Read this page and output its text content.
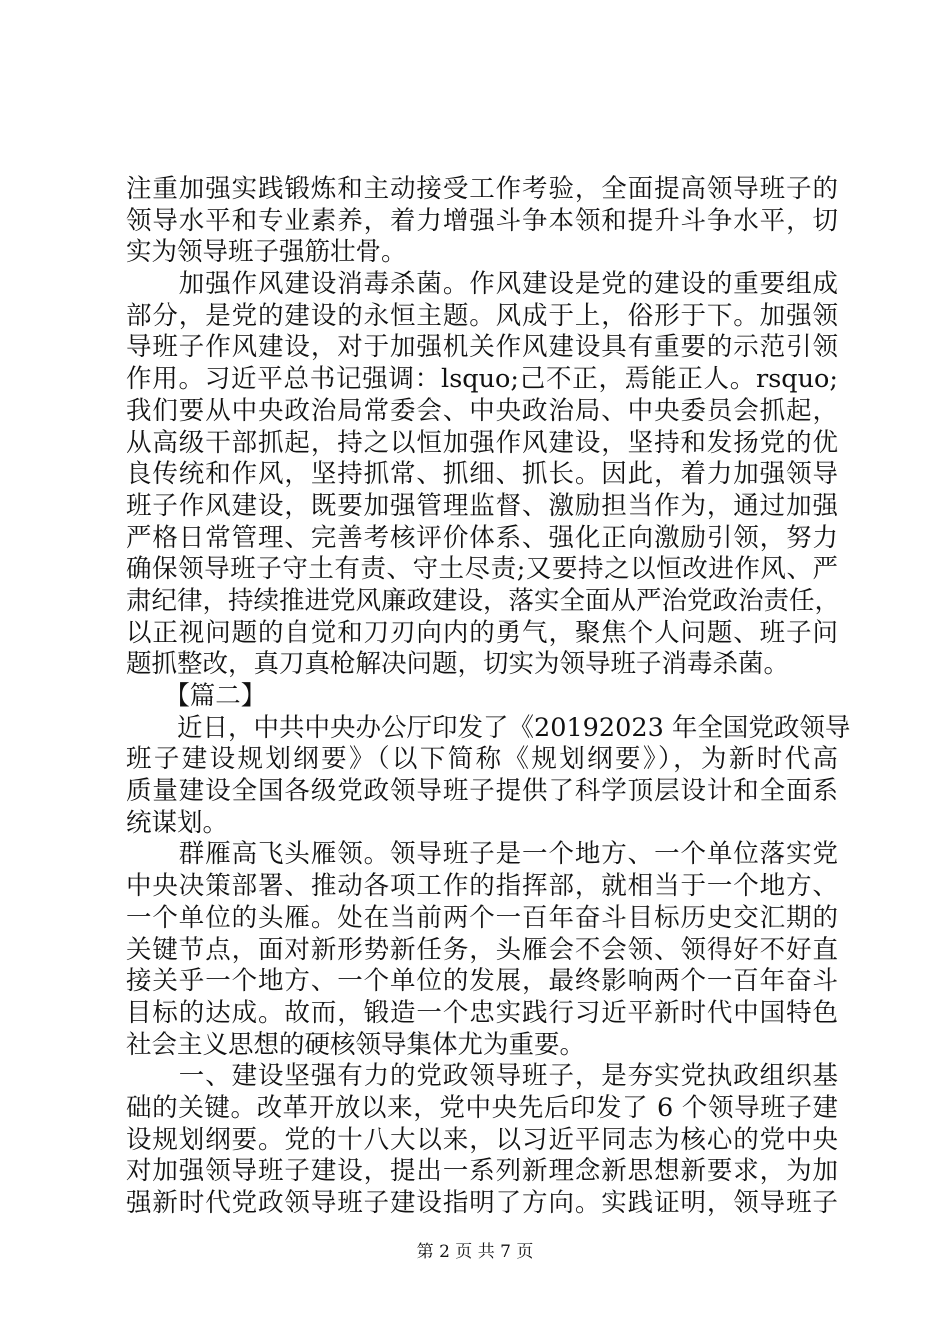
注重加强实践锻炼和主动接受工作考验，全面提高领导班子的
领导水平和专业素养，着力增强斗争本领和提升斗争水平，切
实为领导班子强筋壮骨。
　　加强作风建设消毒杀菌。作风建设是党的建设的重要组成
部分，是党的建设的永恒主题。风成于上，俗形于下。加强领
导班子作风建设，对于加强机关作风建设具有重要的示范引领
作用。习近平总书记强调：lsquo;己不正，焉能正人。rsquo;
我们要从中央政治局常委会、中央政治局、中央委员会抓起，
从高级干部抓起，持之以恒加强作风建设，坚持和发扬党的优
良传统和作风，坚持抓常、抓细、抓长。因此，着力加强领导
班子作风建设，既要加强管理监督、激励担当作为，通过加强
严格日常管理、完善考核评价体系、强化正向激励引领，努力
确保领导班子守土有责、守土尽责;又要持之以恒改进作风、严
肃纪律，持续推进党风廉政建设，落实全面从严治党政治责任，
以正视问题的自觉和刀刃向内的勇气，聚焦个人问题、班子问
题抓整改，真刀真枪解决问题，切实为领导班子消毒杀菌。
　　【篇二】
　　近日，中共中央办公厅印发了《20192023 年全国党政领导
班子建设规划纲要》（以下简称《规划纲要》），为新时代高
质量建设全国各级党政领导班子提供了科学顶层设计和全面系
统谋划。
　　群雁高飞头雁领。领导班子是一个地方、一个单位落实党
中央决策部署、推动各项工作的指挥部，就相当于一个地方、
一个单位的头雁。处在当前两个一百年奋斗目标历史交汇期的
关键节点，面对新形势新任务，头雁会不会领、领得好不好直
接关乎一个地方、一个单位的发展，最终影响两个一百年奋斗
目标的达成。故而，锻造一个忠实践行习近平新时代中国特色
社会主义思想的硬核领导集体尤为重要。
　　一、建设坚强有力的党政领导班子，是夯实党执政组织基
础的关键。改革开放以来，党中央先后印发了 6 个领导班子建
设规划纲要。党的十八大以来，以习近平同志为核心的党中央
对加强领导班子建设，提出一系列新理念新思想新要求，为加
强新时代党政领导班子建设指明了方向。实践证明，领导班子
第 2 页 共 7 页
